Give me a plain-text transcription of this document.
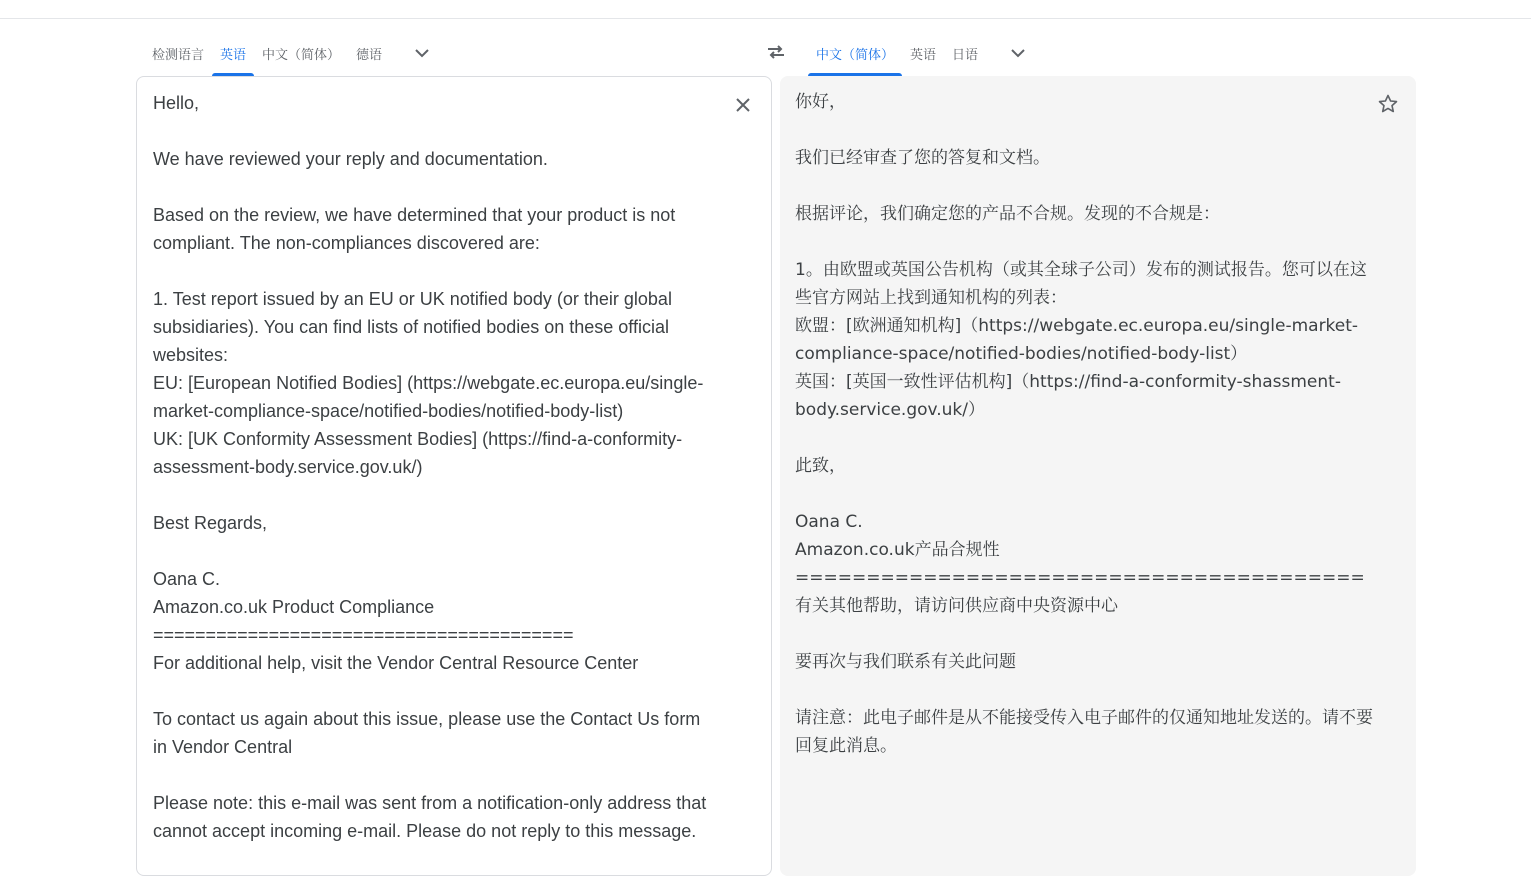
检测语言	英语	中文（简体）	德语	中文（简体）	英语	日语
Hello,

We have reviewed your reply and documentation.

Based on the review, we have determined that your product is not compliant. The non-compliances discovered are:

1. Test report issued by an EU or UK notified body (or their global subsidiaries). You can find lists of notified bodies on these official websites:
EU: [European Notified Bodies] (https://webgate.ec.europa.eu/single-market-compliance-space/notified-bodies/notified-body-list)
UK: [UK Conformity Assessment Bodies] (https://find-a-conformity-assessment-body.service.gov.uk/)

Best Regards,

Oana C.
Amazon.co.uk Product Compliance
========================================
For additional help, visit the Vendor Central Resource Center

To contact us again about this issue, please use the Contact Us form in Vendor Central

Please note: this e-mail was sent from a notification-only address that cannot accept incoming e-mail. Please do not reply to this message.
你好，

我们已经审查了您的答复和文档。

根据评论，我们确定您的产品不合规。发现的不合规是：

1。由欧盟或英国公告机构（或其全球子公司）发布的测试报告。您可以在这些官方网站上找到通知机构的列表：
欧盟：[欧洲通知机构]（https://webgate.ec.europa.eu/single-market-compliance-space/notified-bodies/notified-body-list）
英国：[英国一致性评估机构]（https://find-a-conformity-shassment-body.service.gov.uk/）

此致，

Oana C.
Amazon.co.uk产品合规性
========================================
有关其他帮助，请访问供应商中央资源中心

要再次与我们联系有关此问题

请注意：此电子邮件是从不能接受传入电子邮件的仅通知地址发送的。请不要回复此消息。
